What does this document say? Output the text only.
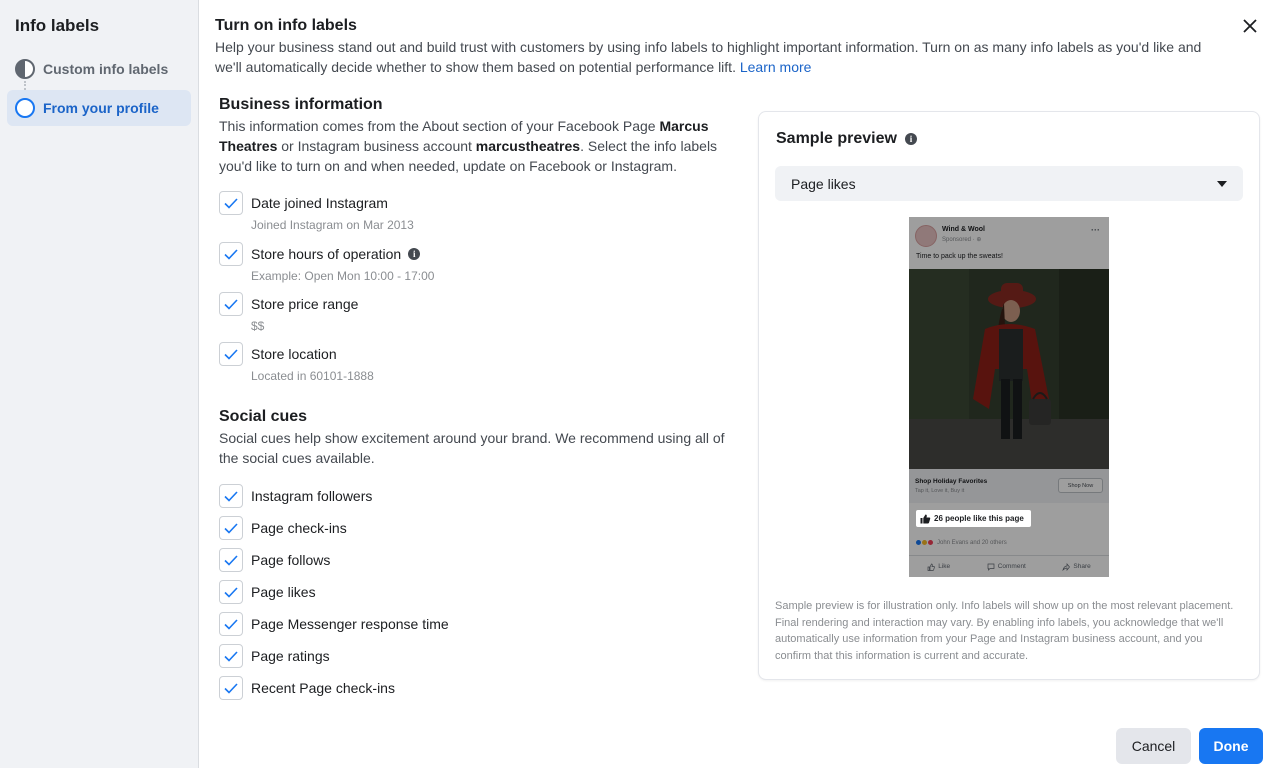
Info labels
Custom info labels
From your profile
Turn on info labels
Help your business stand out and build trust with customers by using info labels to highlight important information. Turn on as many info labels as you'd like and we'll automatically decide whether to show them based on potential performance lift. Learn more
Business information
This information comes from the About section of your Facebook Page Marcus Theatres or Instagram business account marcustheatres. Select the info labels you'd like to turn on and when needed, update on Facebook or Instagram.
Date joined Instagram
Joined Instagram on Mar 2013
Store hours of operation	i
Example: Open Mon 10:00 - 17:00
Store price range
$$
Store location
Located in 60101-1888
Social cues
Social cues help show excitement around your brand. We recommend using all of the social cues available.
Instagram followers
Page check-ins
Page follows
Page likes
Page Messenger response time
Page ratings
Recent Page check-ins
Sample preview	i
Page likes
Wind & Wool
Sponsored · ⊕
···
Time to pack up the sweats!
Shop Holiday Favorites
Tap it, Love it, Buy it
Shop Now
John Evans and 20 others
Like	Comment	Share
26 people like this page
Sample preview is for illustration only. Info labels will show up on the most relevant placement. Final rendering and interaction may vary. By enabling info labels, you acknowledge that we'll automatically use information from your Page and Instagram business account, and you confirm that this information is current and accurate.
Cancel	Done
